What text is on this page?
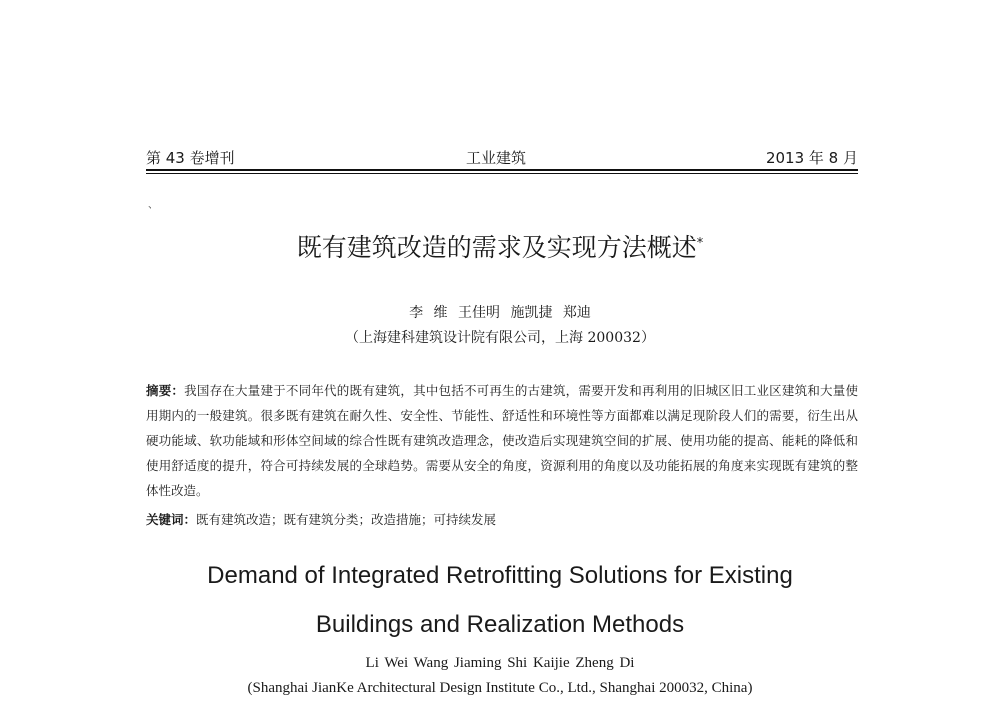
第 43 卷增刊	工业建筑	2013 年 8 月
、
既有建筑改造的需求及实现方法概述*
李 维 王佳明 施凯捷 郑迪
（上海建科建筑设计院有限公司，上海 200032）
摘要：我国存在大量建于不同年代的既有建筑，其中包括不可再生的古建筑，需要开发和再利用的旧城区旧工业区建筑和大量使用期内的一般建筑。很多既有建筑在耐久性、安全性、节能性、舒适性和环境性等方面都难以满足现阶段人们的需要，衍生出从硬功能域、软功能域和形体空间域的综合性既有建筑改造理念，使改造后实现建筑空间的扩展、使用功能的提高、能耗的降低和使用舒适度的提升，符合可持续发展的全球趋势。需要从安全的角度，资源利用的角度以及功能拓展的角度来实现既有建筑的整体性改造。
关键词：既有建筑改造；既有建筑分类；改造措施；可持续发展
Demand of Integrated Retrofitting Solutions for Existing
Buildings and Realization Methods
Li Wei Wang Jiaming Shi Kaijie Zheng Di
(Shanghai JianKe Architectural Design Institute Co., Ltd., Shanghai 200032, China)
